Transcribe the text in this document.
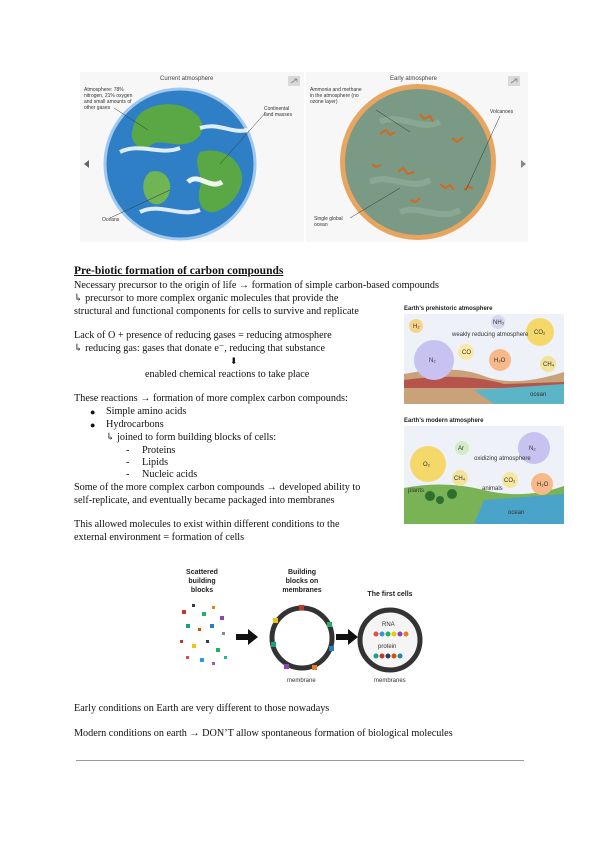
Current atmosphere	Early atmosphere
Atmosphere: 78% nitrogen, 21% oxygen and small amounts of other gases	Continental land masses
Oceans
Ammonia and methane in the atmosphere (no ozone layer)
Volcanoes
Single global ocean
Pre-biotic formation of carbon compounds
Necessary precursor to the origin of life → formation of simple carbon-based compounds
↳ precursor to more complex organic molecules that provide the
structural and functional components for cells to survive and replicate
Lack of O + presence of reducing gases = reducing atmosphere
↳ reducing gas: gases that donate e⁻, reducing that substance
⬇
enabled chemical reactions to take place
These reactions → formation of more complex carbon compounds:
● Simple amino acids
● Hydrocarbons
↳ joined to form building blocks of cells:
- Proteins
- Lipids
- Nucleic acids
Some of the more complex carbon compounds → developed ability to
self-replicate, and eventually became packaged into membranes
This allowed molecules to exist within different conditions to the
external environment = formation of cells
Earth's prehistoric atmosphere
H₂
NH₃
CO₂
N₂
CO
H₂O
CH₄
weakly reducing atmosphere
ocean
Earth's modern atmosphere
Ar	N₂
O₂
CH₄	CO₂
H₂O
oxidizing atmosphere
animals
plants
ocean
Scattered
building
blocks
Building
blocks on
membranes
The first cells
membrane
RNA
protein
membranes
Early conditions on Earth are very different to those nowadays
Modern conditions on earth → DON’T allow spontaneous formation of biological molecules
